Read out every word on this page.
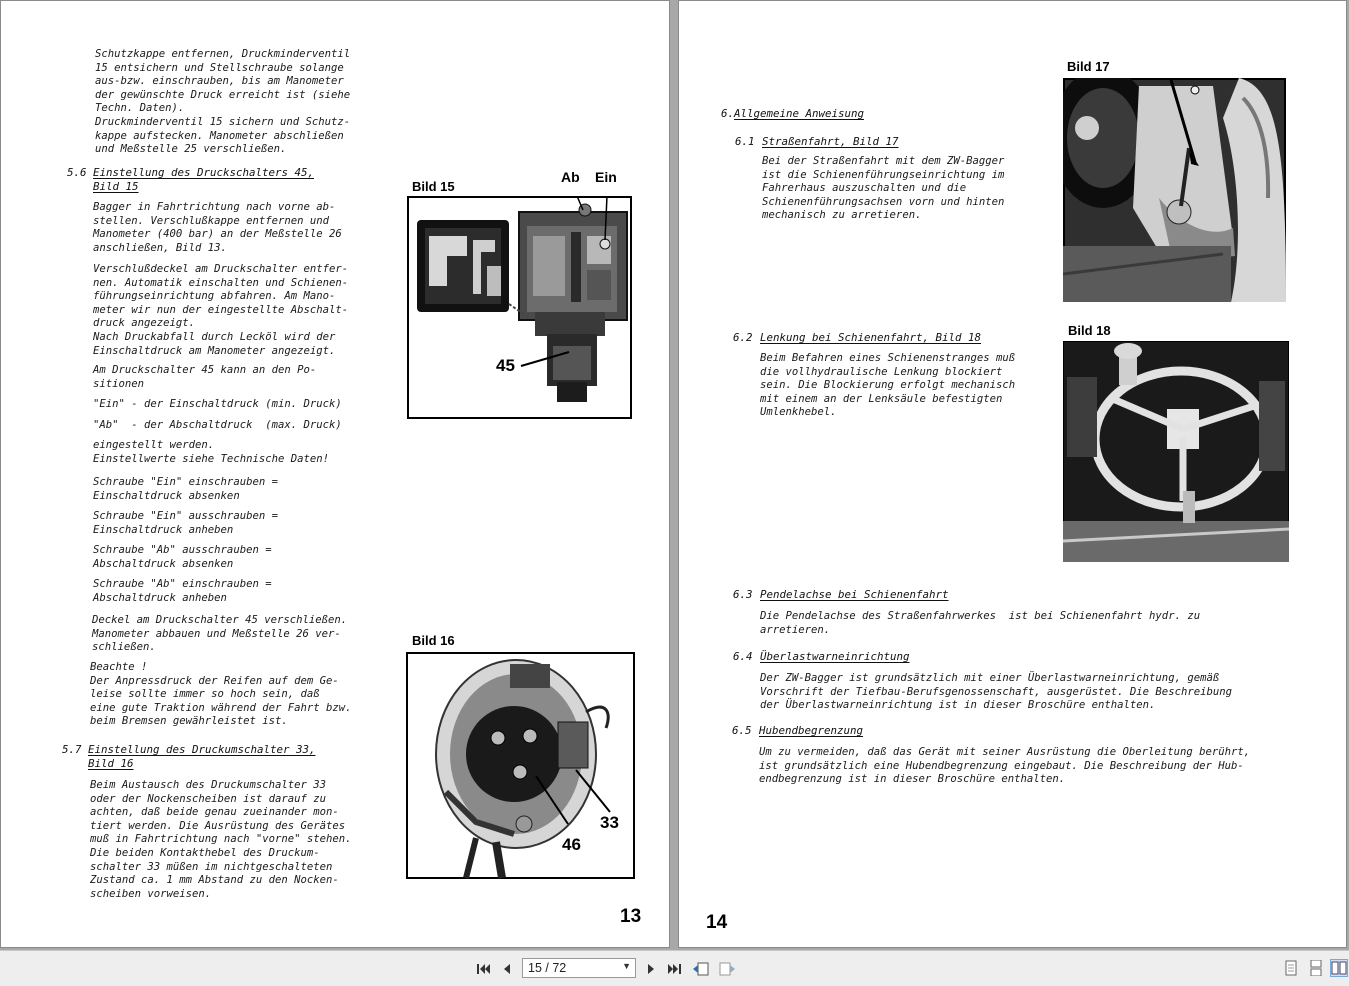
Schutzkappe entfernen, Druckminderventil
15 entsichern und Stellschraube solange
aus-bzw. einschrauben, bis am Manometer
der gewünschte Druck erreicht ist (siehe
Techn. Daten).
Druckminderventil 15 sichern und Schutz-
kappe aufstecken. Manometer abschließen
und Meßstelle 25 verschließen.
5.6 Einstellung des Druckschalters 45,
Bild 15
Bagger in Fahrtrichtung nach vorne ab-
stellen. Verschlußkappe entfernen und
Manometer (400 bar) an der Meßstelle 26
anschließen, Bild 13.
Verschlußdeckel am Druckschalter entfer-
nen. Automatik einschalten und Schienen-
führungseinrichtung abfahren. Am Mano-
meter wir nun der eingestellte Abschalt-
druck angezeigt.
Nach Druckabfall durch Lecköl wird der
Einschaltdruck am Manometer angezeigt.
Am Druckschalter 45 kann an den Po-
sitionen
"Ein" - der Einschaltdruck (min. Druck)
"Ab"  - der Abschaltdruck  (max. Druck)
eingestellt werden.
Einstellwerte siehe Technische Daten!
Schraube "Ein" einschrauben =
Einschaltdruck absenken
Schraube "Ein" ausschrauben =
Einschaltdruck anheben
Schraube "Ab" ausschrauben =
Abschaltdruck absenken
Schraube "Ab" einschrauben =
Abschaltdruck anheben
Deckel am Druckschalter 45 verschließen.
Manometer abbauen und Meßstelle 26 ver-
schließen.
Beachte !
Der Anpressdruck der Reifen auf dem Ge-
leise sollte immer so hoch sein, daß
eine gute Traktion während der Fahrt bzw.
beim Bremsen gewährleistet ist.
5.7 Einstellung des Druckumschalter 33,
Bild 16
Beim Austausch des Druckumschalter 33
oder der Nockenscheiben ist darauf zu
achten, daß beide genau zueinander mon-
tiert werden. Die Ausrüstung des Gerätes
muß in Fahrtrichtung nach "vorne" stehen.
Die beiden Kontakthebel des Druckum-
schalter 33 müßen im nichtgeschalteten
Zustand ca. 1 mm Abstand zu den Nocken-
scheiben vorweisen.
Bild 15
Ab Ein
45
Bild 16
33
46
13
6. Allgemeine Anweisung
6.1 Straßenfahrt, Bild 17
Bei der Straßenfahrt mit dem ZW-Bagger
ist die Schienenführungseinrichtung im
Fahrerhaus auszuschalten und die
Schienenführungsachsen vorn und hinten
mechanisch zu arretieren.
6.2 Lenkung bei Schienenfahrt, Bild 18
Beim Befahren eines Schienenstranges muß
die vollhydraulische Lenkung blockiert
sein. Die Blockierung erfolgt mechanisch
mit einem an der Lenksäule befestigten
Umlenkhebel.
6.3 Pendelachse bei Schienenfahrt
Die Pendelachse des Straßenfahrwerkes  ist bei Schienenfahrt hydr. zu
arretieren.
6.4 Überlastwarneinrichtung
Der ZW-Bagger ist grundsätzlich mit einer Überlastwarneinrichtung, gemäß
Vorschrift der Tiefbau-Berufsgenossenschaft, ausgerüstet. Die Beschreibung
der Überlastwarneinrichtung ist in dieser Broschüre enthalten.
6.5 Hubendbegrenzung
Um zu vermeiden, daß das Gerät mit seiner Ausrüstung die Oberleitung berührt,
ist grundsätzlich eine Hubendbegrenzung eingebaut. Die Beschreibung der Hub-
endbegrenzung ist in dieser Broschüre enthalten.
Bild 17
Bild 18
14
15 / 72	▼
